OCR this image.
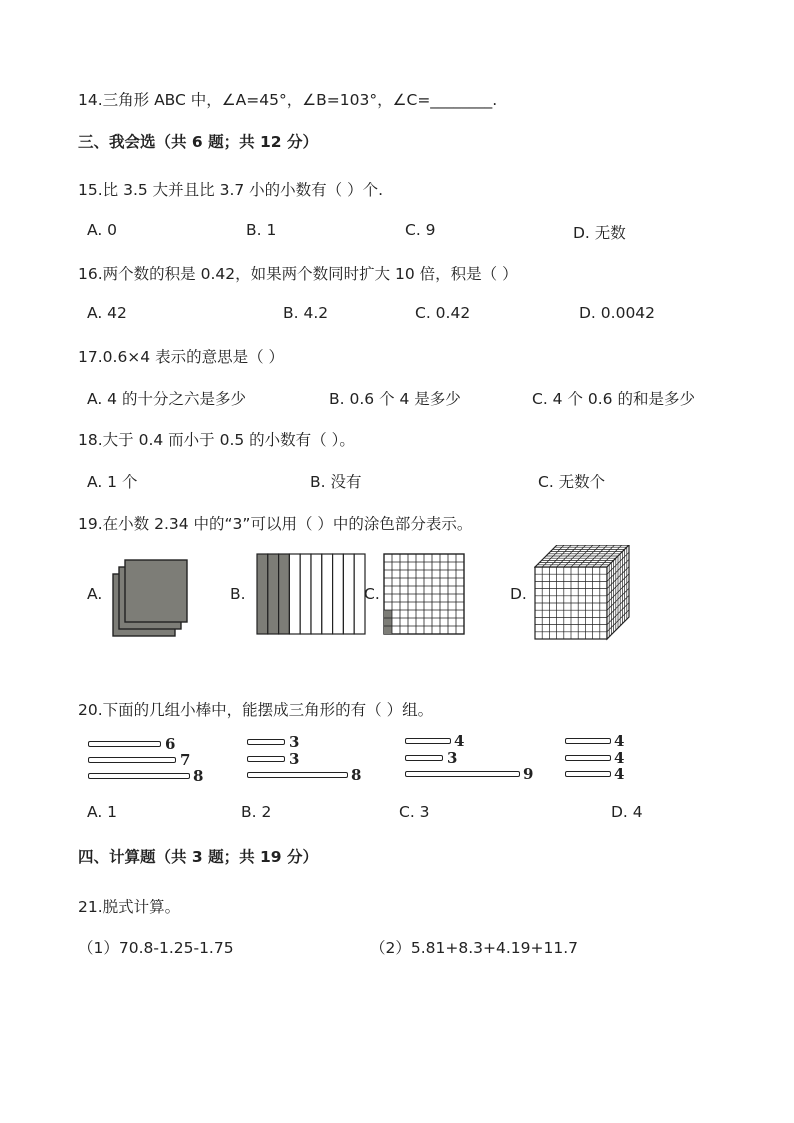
14.三角形 ABC 中，∠A=45°，∠B=103°，∠C=________.
三、我会选（共 6 题；共 12 分）
15.比 3.5 大并且比 3.7 小的小数有（ ）个.
A. 0	B. 1	C. 9	D. 无数
16.两个数的积是 0.42，如果两个数同时扩大 10 倍，积是（ ）
A. 42	B. 4.2	C. 0.42	D. 0.0042
17.0.6×4 表示的意思是（ ）
A. 4 的十分之六是多少	B. 0.6 个 4 是多少	C. 4 个 0.6 的和是多少
18.大于 0.4 而小于 0.5 的小数有（ ）。
A. 1 个	B. 没有	C. 无数个
19.在小数 2.34 中的“3”可以用（ ）中的涂色部分表示。
A.	B.	C.	D.
20.下面的几组小棒中，能摆成三角形的有（ ）组。
6
7
8
3
3
8
4
3
9
4
4
4
A. 1	B. 2	C. 3	D. 4
四、计算题（共 3 题；共 19 分）
21.脱式计算。
（1）70.8-1.25-1.75	（2）5.81+8.3+4.19+11.7
